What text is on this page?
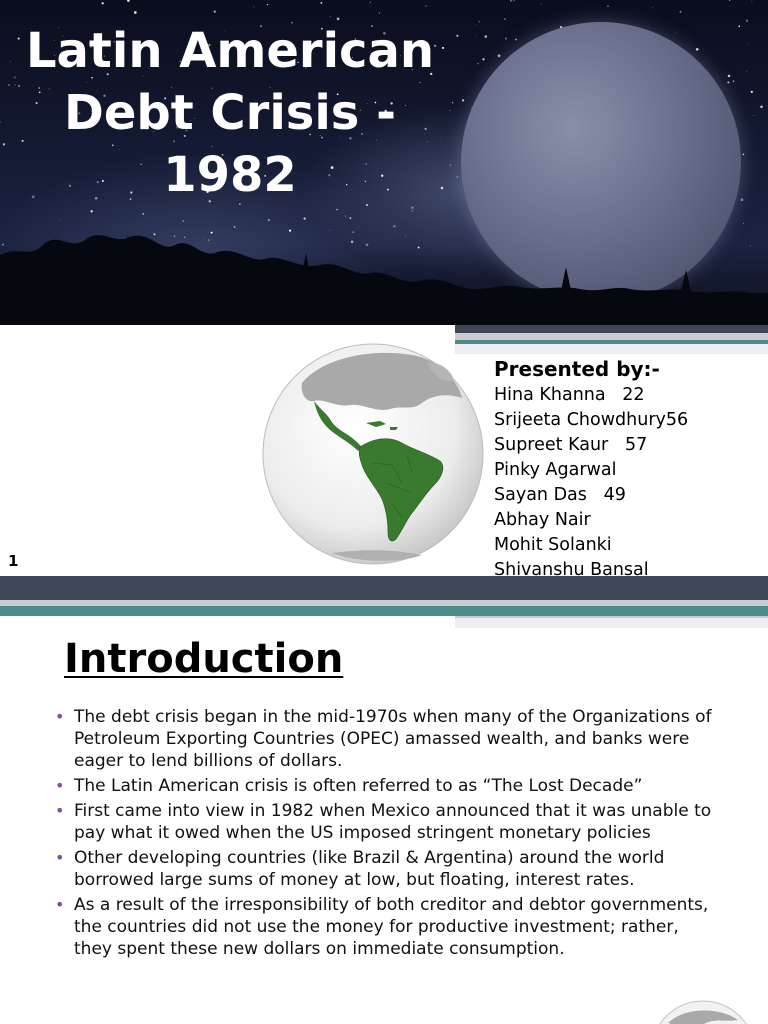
Latin American
Debt Crisis -
1982
Presented by:-
Hina Khanna   22
Srijeeta Chowdhury56
Supreet Kaur   57
Pinky Agarwal
Sayan Das   49
Abhay Nair
Mohit Solanki
Shivanshu Bansal
1
Introduction
• The debt crisis began in the mid-1970s when many of the Organizations of Petroleum Exporting Countries (OPEC) amassed wealth, and banks were eager to lend billions of dollars.
• The Latin American crisis is often referred to as “The Lost Decade”
• First came into view in 1982 when Mexico announced that it was unable to pay what it owed when the US imposed stringent monetary policies
• Other developing countries (like Brazil & Argentina) around the world borrowed large sums of money at low, but floating, interest rates.
• As a result of the irresponsibility of both creditor and debtor governments, the countries did not use the money for productive investment; rather, they spent these new dollars on immediate consumption.
